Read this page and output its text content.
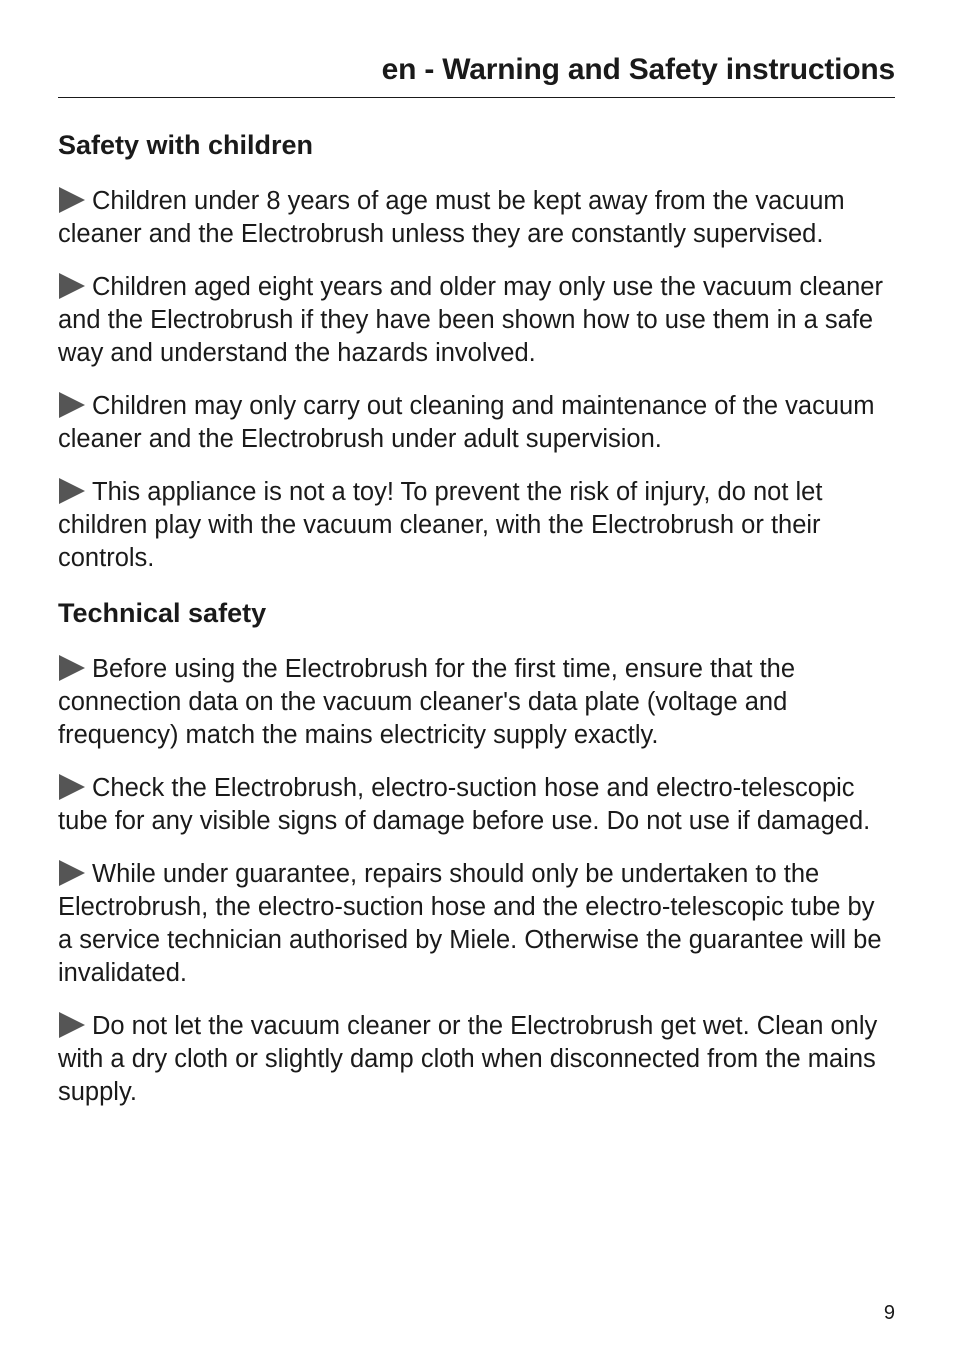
en - Warning and Safety instructions
Safety with children

Children under 8 years of age must be kept away from the vacuum cleaner and the Electrobrush unless they are constantly supervised.

Children aged eight years and older may only use the vacuum cleaner and the Electrobrush if they have been shown how to use them in a safe way and understand the hazards involved.

Children may only carry out cleaning and maintenance of the vacuum cleaner and the Electrobrush under adult supervision.

This appliance is not a toy! To prevent the risk of injury, do not let children play with the vacuum cleaner, with the Electrobrush or their controls.

Technical safety

Before using the Electrobrush for the first time, ensure that the connection data on the vacuum cleaner's data plate (voltage and frequency) match the mains electricity supply exactly.

Check the Electrobrush, electro-suction hose and electro-telescopic tube for any visible signs of damage before use. Do not use if damaged.

While under guarantee, repairs should only be undertaken to the Electrobrush, the electro-suction hose and the electro-telescopic tube by a service technician authorised by Miele. Otherwise the guarantee will be invalidated.

Do not let the vacuum cleaner or the Electrobrush get wet. Clean only with a dry cloth or slightly damp cloth when disconnected from the mains supply.

9
